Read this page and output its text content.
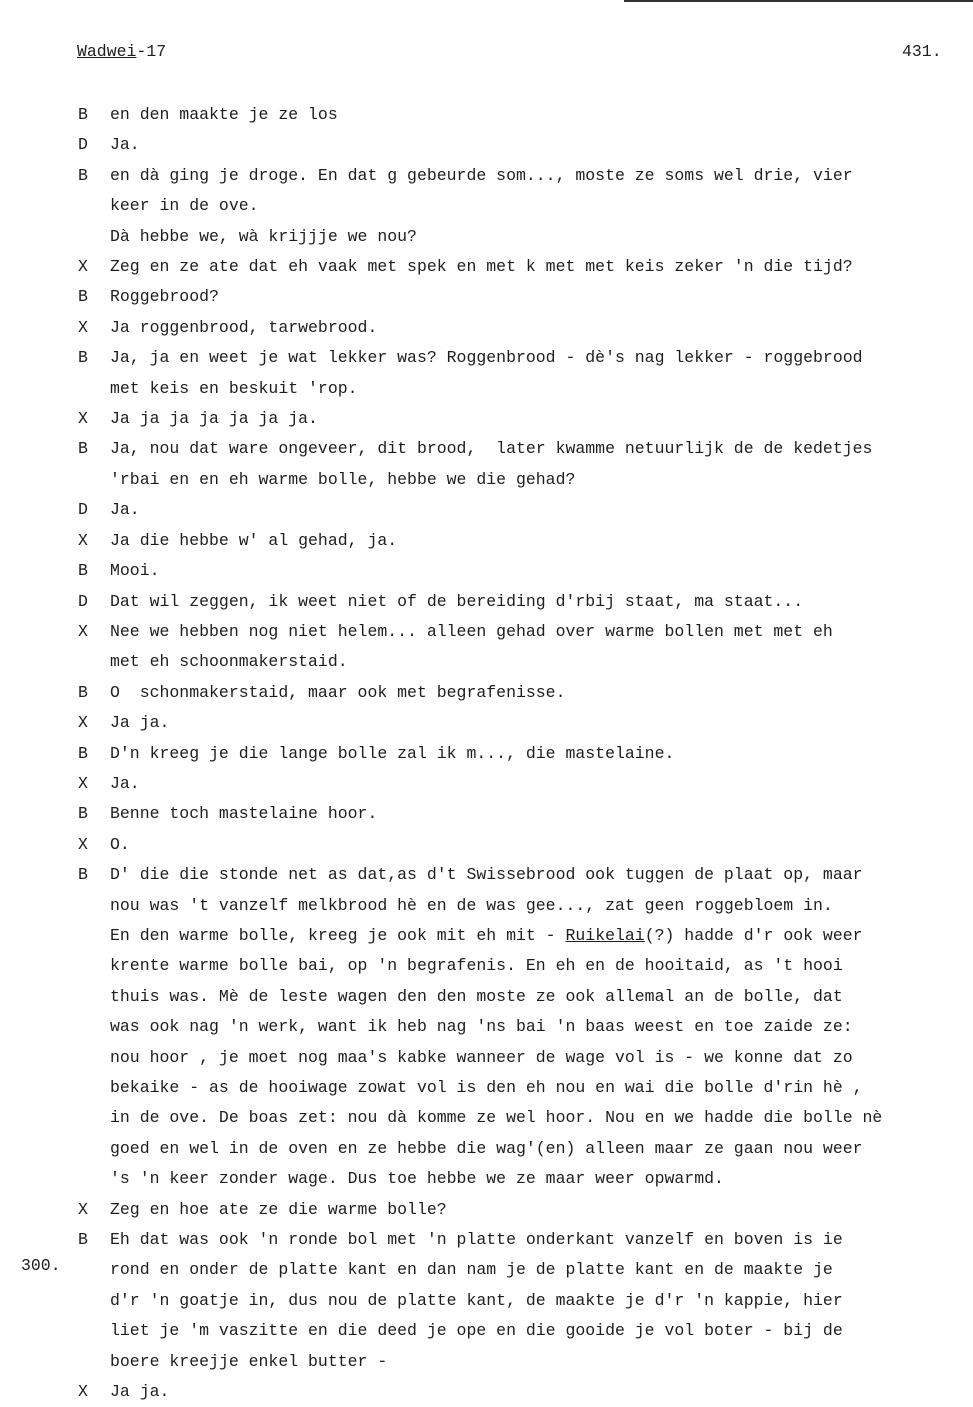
Wadwei-17	431.
300.
B	en den maakte je ze los
D	Ja.
B	en dà ging je droge. En dat g gebeurde som..., moste ze soms wel drie, vier
keer in de ove.
Dà hebbe we, wà krijjje we nou?
X	Zeg en ze ate dat eh vaak met spek en met k met met keis zeker 'n die tijd?
B	Roggebrood?
X	Ja roggenbrood, tarwebrood.
B	Ja, ja en weet je wat lekker was? Roggenbrood - dè's nag lekker - roggebrood
met keis en beskuit 'rop.
X	Ja ja ja ja ja ja ja.
B	Ja, nou dat ware ongeveer, dit brood,  later kwamme netuurlijk de de kedetjes
'rbai en en eh warme bolle, hebbe we die gehad?
D	Ja.
X	Ja die hebbe w' al gehad, ja.
B	Mooi.
D	Dat wil zeggen, ik weet niet of de bereiding d'rbij staat, ma staat...
X	Nee we hebben nog niet helem... alleen gehad over warme bollen met met eh
met eh schoonmakerstaid.
B	O  schonmakerstaid, maar ook met begrafenisse.
X	Ja ja.
B	D'n kreeg je die lange bolle zal ik m..., die mastelaine.
X	Ja.
B	Benne toch mastelaine hoor.
X	O.
B	D' die die stonde net as dat,as d't Swissebrood ook tuggen de plaat op, maar
nou was 't vanzelf melkbrood hè en de was gee..., zat geen roggebloem in.
En den warme bolle, kreeg je ook mit eh mit - Ruikelai(?) hadde d'r ook weer
krente warme bolle bai, op 'n begrafenis. En eh en de hooitaid, as 't hooi
thuis was. Mè de leste wagen den den moste ze ook allemal an de bolle, dat
was ook nag 'n werk, want ik heb nag 'ns bai 'n baas weest en toe zaide ze:
nou hoor , je moet nog maa's kabke wanneer de wage vol is - we konne dat zo
bekaike - as de hooiwage zowat vol is den eh nou en wai die bolle d'rin hè ,
in de ove. De boas zet: nou dà komme ze wel hoor. Nou en we hadde die bolle nè
goed en wel in de oven en ze hebbe die wag'(en) alleen maar ze gaan nou weer
's 'n keer zonder wage. Dus toe hebbe we ze maar weer opwarmd.
X	Zeg en hoe ate ze die warme bolle?
B	Eh dat was ook 'n ronde bol met 'n platte onderkant vanzelf en boven is ie
rond en onder de platte kant en dan nam je de platte kant en de maakte je
d'r 'n goatje in, dus nou de platte kant, de maakte je d'r 'n kappie, hier
liet je 'm vaszitte en die deed je ope en die gooide je vol boter - bij de
boere kreejje enkel butter -
X	Ja ja.
